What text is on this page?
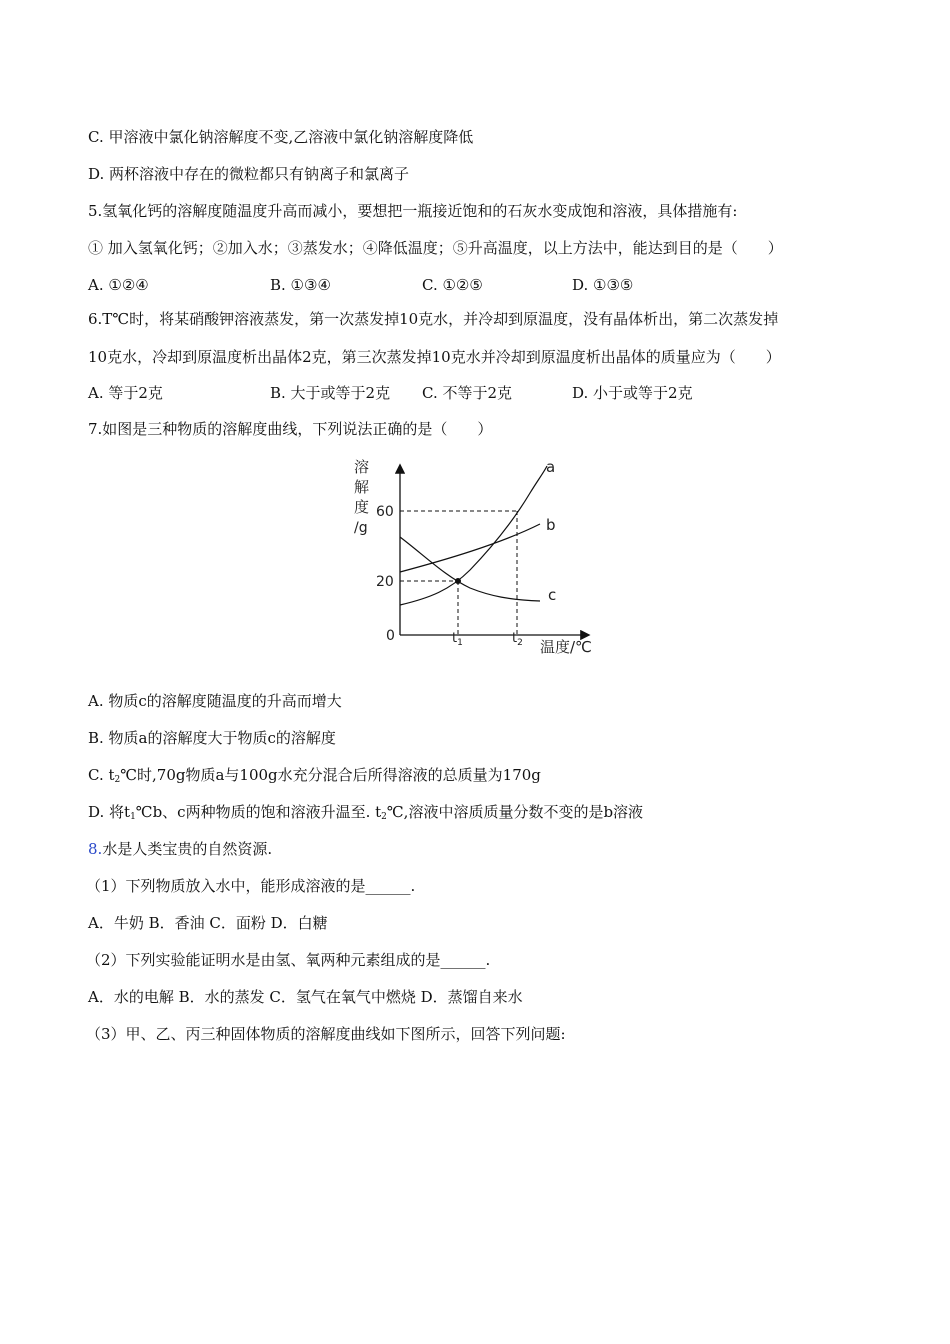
C. 甲溶液中氯化钠溶解度不变,乙溶液中氯化钠溶解度降低
D. 两杯溶液中存在的微粒都只有钠离子和氯离子
5.氢氧化钙的溶解度随温度升高而减小，要想把一瓶接近饱和的石灰水变成饱和溶液，具体措施有:
① 加入氢氧化钙；②加入水；③蒸发水；④降低温度；⑤升高温度，以上方法中，能达到目的是（　　）
A. ①②④	B. ①③④	C. ①②⑤	D. ①③⑤
6.T℃时，将某硝酸钾溶液蒸发，第一次蒸发掉10克水，并冷却到原温度，没有晶体析出，第二次蒸发掉
10克水，冷却到原温度析出晶体2克，第三次蒸发掉10克水并冷却到原温度析出晶体的质量应为（　　）
A. 等于2克	B. 大于或等于2克 C. 不等于2克	D. 小于或等于2克
7.如图是三种物质的溶解度曲线，下列说法正确的是（　　）
溶
解
度
/g
60
20
0	$t_1$	$t_2$ 温度/℃
a
b
c
A. 物质c的溶解度随温度的升高而增大
B. 物质a的溶解度大于物质c的溶解度
C. $t_2℃$时,70g物质a与100g水充分混合后所得溶液的总质量为170g
D. 将$t_1℃b$、c两种物质的饱和溶液升温至. $t_2℃$,溶液中溶质质量分数不变的是b溶液
8.水是人类宝贵的自然资源.
（1）下列物质放入水中，能形成溶液的是______.
A．牛奶 B．香油 C．面粉 D．白糖
（2）下列实验能证明水是由氢、氧两种元素组成的是______.
A．水的电解 B．水的蒸发 C．氢气在氧气中燃烧 D．蒸馏自来水
（3）甲、乙、丙三种固体物质的溶解度曲线如下图所示，回答下列问题:
